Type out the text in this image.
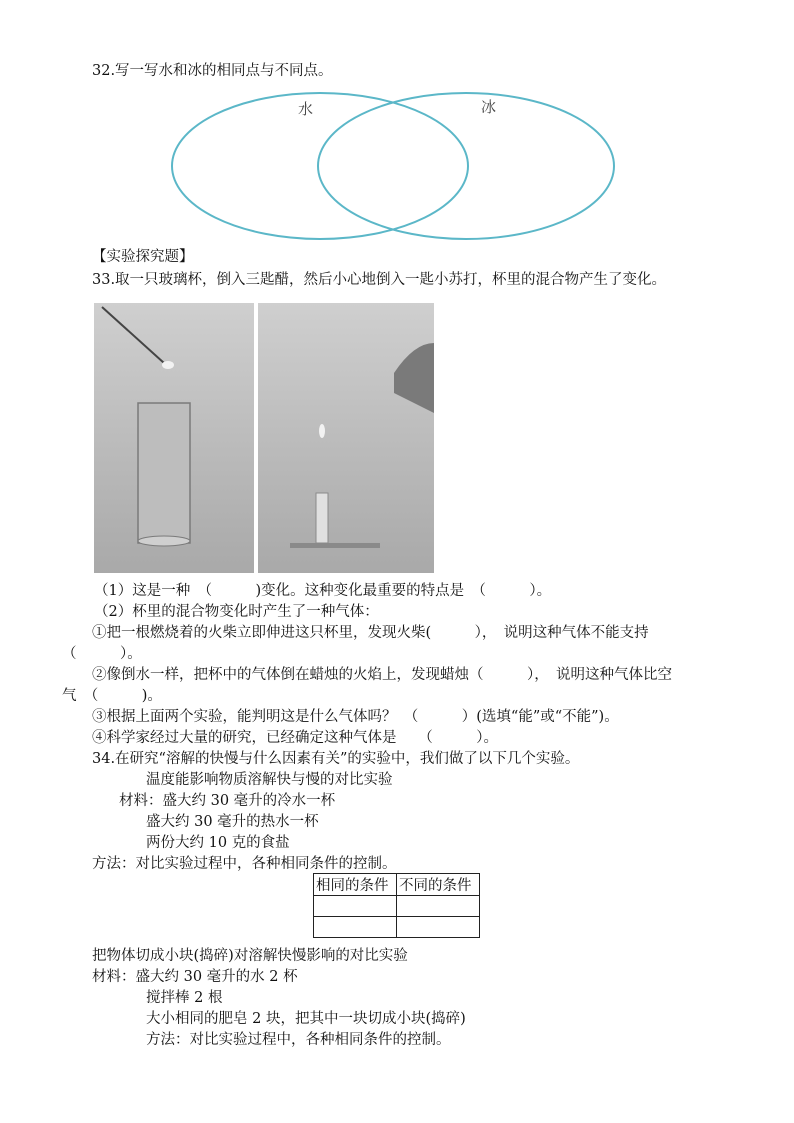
32.写一写水和冰的相同点与不同点。
水	冰
【实验探究题】
33.取一只玻璃杯，倒入三匙醋，然后小心地倒入一匙小苏打，杯里的混合物产生了变化。
（1）这是一种　（　　　)变化。这种变化最重要的特点是　（　　　）。
（2）杯里的混合物变化时产生了一种气体：
①把一根燃烧着的火柴立即伸进这只杯里，发现火柴(　　　），　说明这种气体不能支持
（　　　）。
②像倒水一样，把杯中的气体倒在蜡烛的火焰上，发现蜡烛（　　　），　说明这种气体比空
气　（　　　)。
③根据上面两个实验，能判明这是什么气体吗？　（　　　）(选填“能”或“不能”)。
④科学家经过大量的研究，已经确定这种气体是　　（　　　）。
34.在研究“溶解的快慢与什么因素有关”的实验中，我们做了以下几个实验。
温度能影响物质溶解快与慢的对比实验
材料：盛大约 30 毫升的冷水一杯
盛大约 30 毫升的热水一杯
两份大约 10 克的食盐
方法：对比实验过程中，各种相同条件的控制。
相同的条件	不同的条件

把物体切成小块(捣碎)对溶解快慢影响的对比实验
材料：盛大约 30 毫升的水 2 杯
搅拌棒 2 根
大小相同的肥皂 2 块，把其中一块切成小块(捣碎)
方法：对比实验过程中，各种相同条件的控制。
